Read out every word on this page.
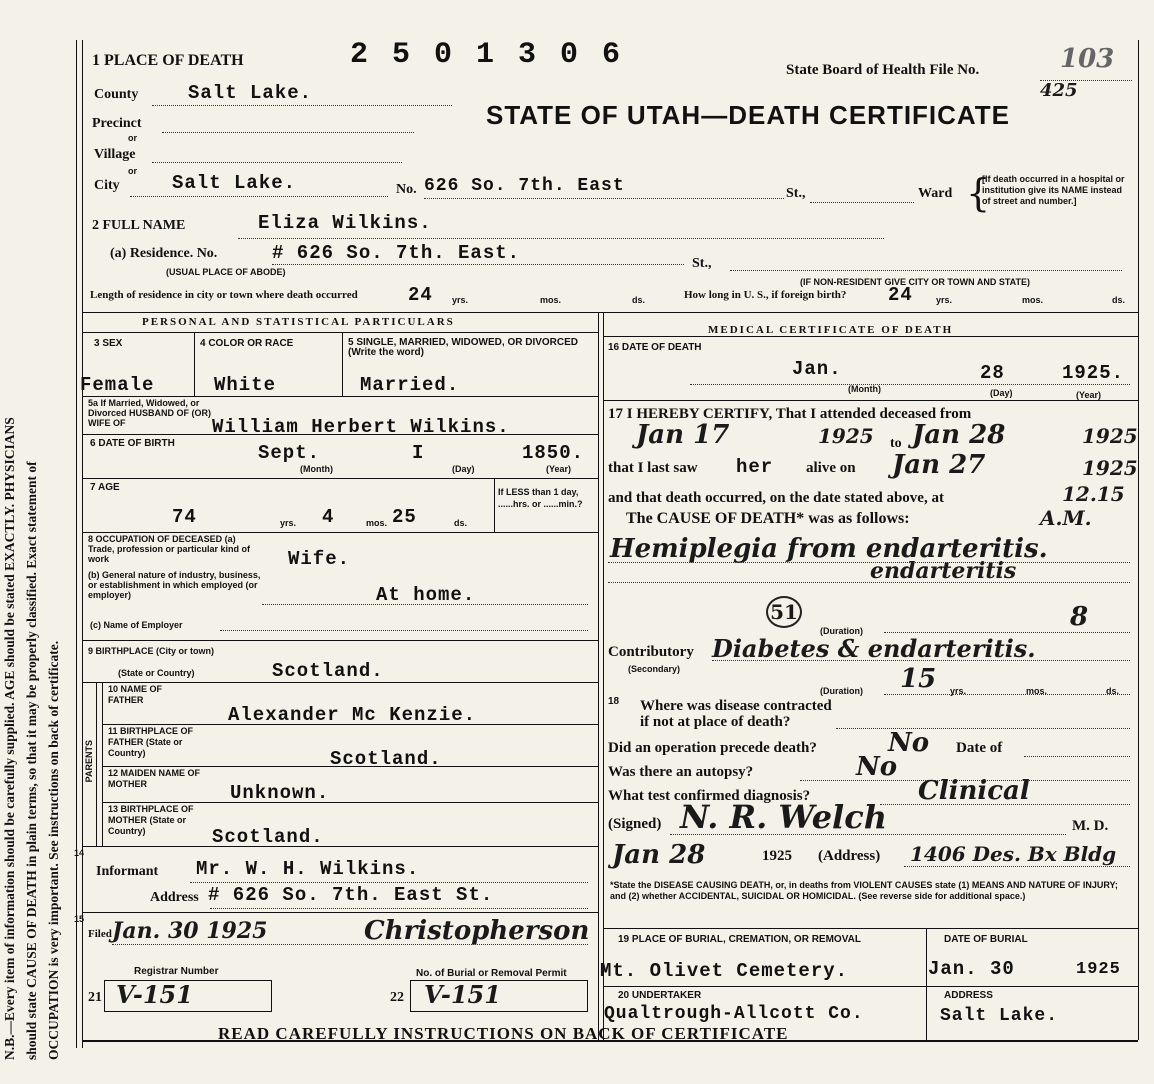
N.B.—Every item of information should be carefully supplied. AGE should be stated EXACTLY. PHYSICIANS should state CAUSE OF DEATH in plain terms, so that it may be properly classified. Exact statement of OCCUPATION is very important. See instructions on back of certificate.
1 PLACE OF DEATH	2 5 0 1 3 0 6	State Board of Health File No.	103
425
STATE OF UTAH—DEATH CERTIFICATE
County	Salt Lake.
Precinct
or
Village
or
City	Salt Lake.	No. 626 So. 7th. East	St.,	Ward {
[If death occurred in a hospital or institution give its NAME instead of street and number.]
2 FULL NAME	Eliza Wilkins.
(a) Residence. No.	# 626 So. 7th. East.	St.,
(USUAL PLACE OF ABODE)
(IF NON-RESIDENT GIVE CITY OR TOWN AND STATE)
Length of residence in city or town where death occurred	24 yrs.	mos.	ds.	How long in U. S., if foreign birth? 24	yrs.	mos.	ds.
PERSONAL AND STATISTICAL PARTICULARS
MEDICAL CERTIFICATE OF DEATH
3 SEX	4 COLOR OR RACE	5 SINGLE, MARRIED, WIDOWED, OR DIVORCED (Write the word)
Female	White	Married.
5a If Married, Widowed, or Divorced HUSBAND OF (OR) WIFE OF	William Herbert Wilkins.
6 DATE OF BIRTH	Sept.	I	1850.
(Month)	(Day)	(Year)
7 AGE
74	yrs. 4	mos. 25	ds.
If LESS than 1 day, ......hrs. or ......min.?
8 OCCUPATION OF DECEASED (a) Trade, profession or particular kind of work	Wife.
(b) General nature of industry, business, or establishment in which employed (or employer)	At home.
(c) Name of Employer
9 BIRTHPLACE (City or town)
(State or Country)	Scotland.
PARENTS
10 NAME OF FATHER
Alexander Mc Kenzie.
11 BIRTHPLACE OF FATHER (State or Country)	Scotland.
12 MAIDEN NAME OF MOTHER	Unknown.
13 BIRTHPLACE OF MOTHER (State or Country)	Scotland.
14
Informant Mr. W. H. Wilkins.
Address # 626 So. 7th. East St.
15
Filed Jan. 30 1925	Christopherson
Registrar Number	No. of Burial or Removal Permit
21 V-151	22 V-151
16 DATE OF DEATH
Jan.	28	1925.
(Month)	(Day)	(Year)
17 I HEREBY CERTIFY, That I attended deceased from
Jan 17	1925 to Jan 28	1925
that I last saw her alive on Jan 27	1925
and that death occurred, on the date stated above, at	12.15
The CAUSE OF DEATH* was as follows:	A.M.
Hemiplegia from endarteritis.
endarteritis
51
(Duration)	8
Contributory
(Secondary)
Diabetes & endarteritis.
(Duration) 15 yrs.	mos.	ds.
18 Where was disease contracted
if not at place of death?
Did an operation precede death?	No Date of
Was there an autopsy?	No
What test confirmed diagnosis?	Clinical
(Signed) N. R. Welch	M. D.
Jan 28	1925 (Address) 1406 Des. Bx Bldg
*State the DISEASE CAUSING DEATH, or, in deaths from VIOLENT CAUSES state (1) MEANS AND NATURE OF INJURY; and (2) whether ACCIDENTAL, SUICIDAL OR HOMICIDAL. (See reverse side for additional space.)
19 PLACE OF BURIAL, CREMATION, OR REMOVAL	DATE OF BURIAL
Mt. Olivet Cemetery.	Jan. 30	1925
20 UNDERTAKER	ADDRESS
Qualtrough-Allcott Co.	Salt Lake.
READ CAREFULLY INSTRUCTIONS ON BACK OF CERTIFICATE
